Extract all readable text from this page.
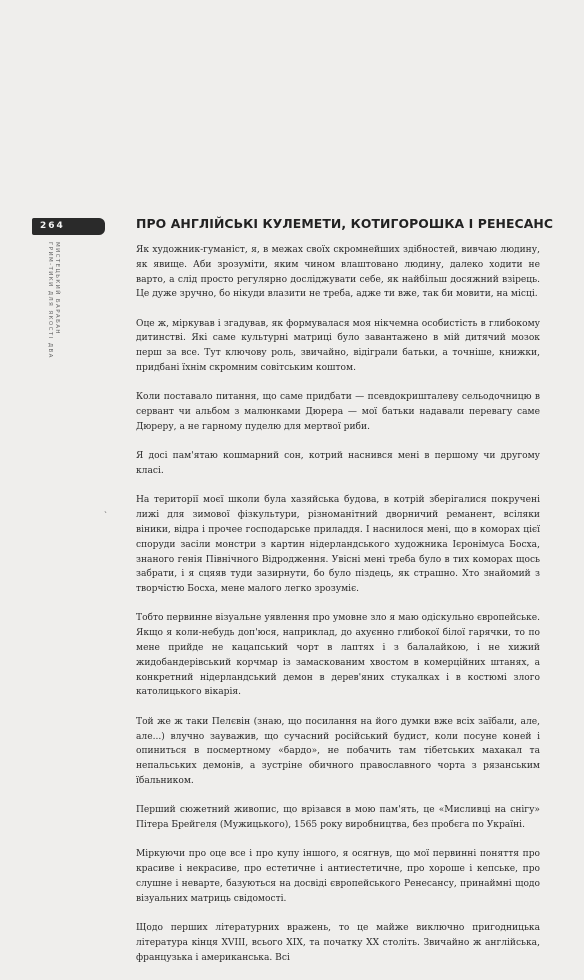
264
МИСТЕЦЬКИЙ БАРАБАН
ГРИМ-ТИКИ ДЛЯ ЯКОСТІ ДВА
ПРО АНГЛІЙСЬКІ КУЛЕМЕТИ, КОТИГОРОШКА І РЕНЕСАНС

Як художник-гуманіст, я, в межах своїх скромнейших здібностей, вивчаю людину, як явище. Аби зрозуміти, яким чином влаштовано людину, далеко ходити не варто, а слід просто регулярно досліджувати себе, як найбільш досяжний взірець. Це дуже зручно, бо нікуди влазити не треба, адже ти вже, так би мовити, на місці.

Оце ж, міркував і згадував, як формувалася моя нікчемна особистість в глибокому дитинстві. Які саме культурні матриці було завантажено в мій дитячий мозок перш за все. Тут ключову роль, звичайно, відіграли батьки, а точніше, книжки, придбані їхнім скромним совітським коштом.

Коли поставало питання, що саме придбати — псевдокришталеву сельодочницю в сервант чи альбом з малюнками Дюрера — мої батьки надавали перевагу саме Дюреру, а не гарному пуделю для мертвої риби.

Я досі пам'ятаю кошмарний сон, котрий наснився мені в першому чи другому класі.

На території моєї школи була хазяйська будова, в котрій зберігалися покручені лижі для зимової фізкультури, різноманітний дворничий реманент, всіляки віники, відра і прочее господарське приладдя. І наснилося мені, що в коморах цієї споруди засіли монстри з картин нідерландського художника Ієронімуса Босха, знаного генія Північного Відродження. Увісні мені треба було в тих коморах щось забрати, і я сцяяв туди зазирнути, бо було піздець, як страшно. Хто знайомий з творчістю Босха, мене малого легко зрозуміє.

Тобто первинне візуальне уявлення про умовне зло я маю одіскульно європейське. Якщо я коли-небудь доп'юся, наприклад, до ахуєнно глибокої білої гарячки, то по мене прийде не кацапський чорт в лаптях і з балалайкою, і не хижий жидобандерівський корчмар із замаскованим хвостом в комерційних штанях, а конкретний нідерландський демон в дерев'яних стукалках і в костюмі злого католицького вікарія.

Той же ж таки Пелєвін (знаю, що посилання на його думки вже всіх заїбали, але, але...) влучно зауважив, що сучасний російський будист, коли посуне коней і опиниться в посмертному «бардо», не побачить там тібетських махакал та непальських демонів, а зустріне обичного православного чорта з рязанським їбальником.

Перший сюжетний живопис, що врізався в мою пам'ять, це «Мисливці на снігу» Пітера Брейгеля (Мужицького), 1565 року виробництва, без пробєга по Україні.

Міркуючи про оце все і про купу іншого, я осягнув, що мої первинні поняття про красиве і некрасиве, про естетичне і антиестетичне, про хороше і кепське, про слушне і неварте, базуються на досвіді європейського Ренесансу, принаймні щодо візуальних матриць свідомості.

Щодо перших літературних вражень, то це майже виключно пригодницька література кінця XVIII, всього XIX, та початку XX століть. Звичайно ж англійська, французька і американська. Всі

ˏ
